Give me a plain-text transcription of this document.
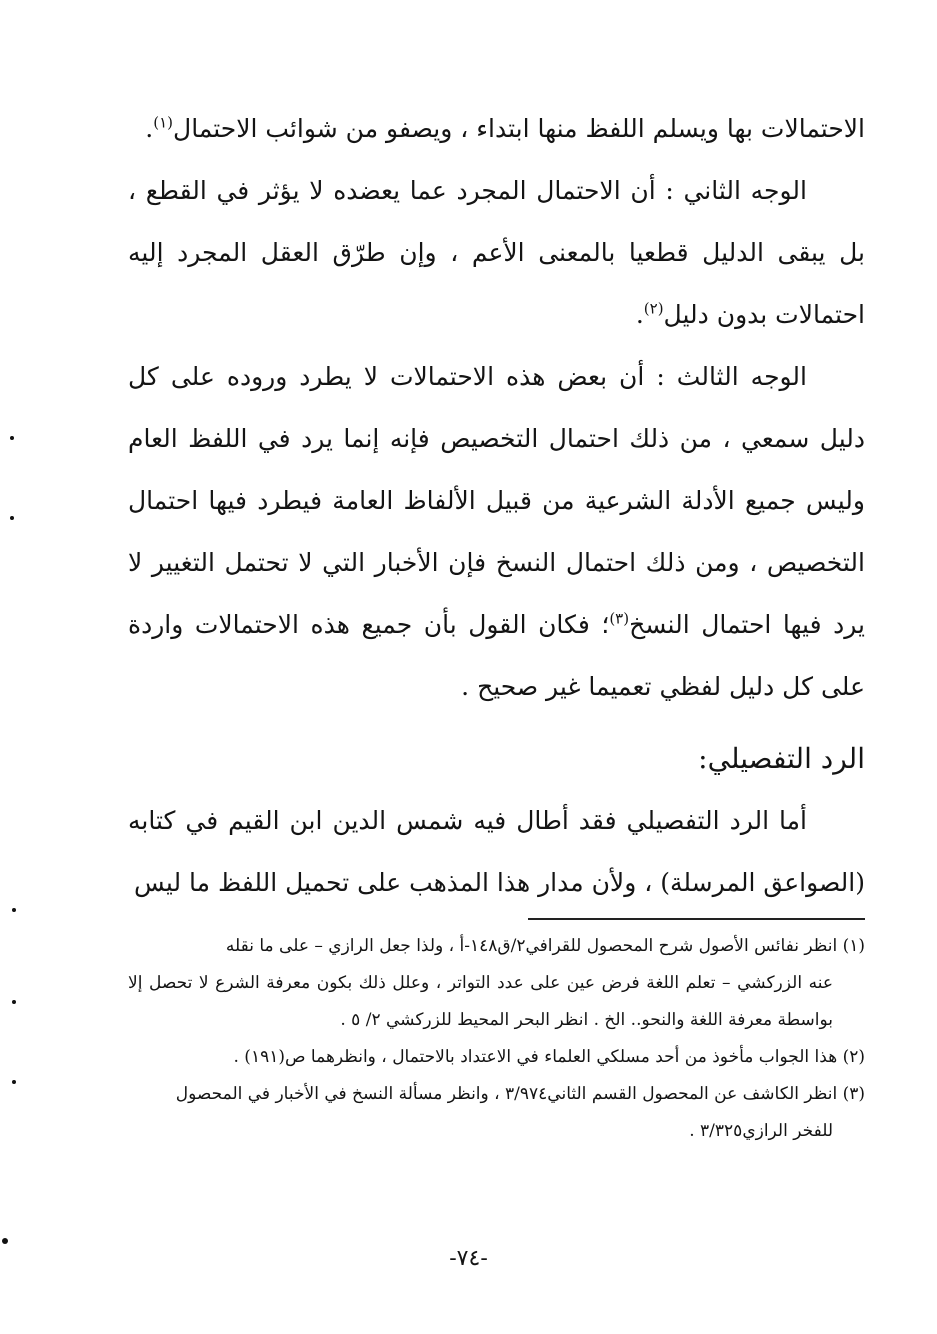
الاحتمالات بها ويسلم اللفظ منها ابتداء ، ويصفو من شوائب الاحتمال$^{(١)}$.

الوجه الثاني : أن الاحتمال المجرد عما يعضده لا يؤثر في القطع ، بل يبقى الدليل قطعيا بالمعنى الأعم ، وإن طرّق العقل المجرد إليه احتمالات بدون دليل$^{(٢)}$.

الوجه الثالث : أن بعض هذه الاحتمالات لا يطرد وروده على كل دليل سمعي ، من ذلك احتمال التخصيص فإنه إنما يرد في اللفظ العام وليس جميع الأدلة الشرعية من قبيل الألفاظ العامة فيطرد فيها احتمال التخصيص ، ومن ذلك احتمال النسخ فإن الأخبار التي لا تحتمل التغيير لا يرد فيها احتمال النسخ$^{(٣)}$؛ فكان القول بأن جميع هذه الاحتمالات واردة على كل دليل لفظي تعميما غير صحيح .

الرد التفصيلي:

أما الرد التفصيلي فقد أطال فيه شمس الدين ابن القيم في كتابه (الصواعق المرسلة) ، ولأن مدار هذا المذهب على تحميل اللفظ ما ليس

(١) انظر نفائس الأصول شرح المحصول للقرافي٢/ق١٤٨-أ ، ولذا جعل الرازي – على ما نقله

عنه الزركشي – تعلم اللغة فرض عين على عدد التواتر ، وعلل ذلك بكون معرفة الشرع لا تحصل إلا بواسطة معرفة اللغة والنحو.. الخ . انظر البحر المحيط للزركشي ٢/ ٥ .

(٢) هذا الجواب مأخوذ من أحد مسلكي العلماء في الاعتداد بالاحتمال ، وانظرهما ص(١٩١) .

(٣) انظر الكاشف عن المحصول القسم الثاني٣/٩٧٤ ، وانظر مسألة النسخ في الأخبار في المحصول

للفخر الرازي٣/٣٢٥ .

-٧٤-
